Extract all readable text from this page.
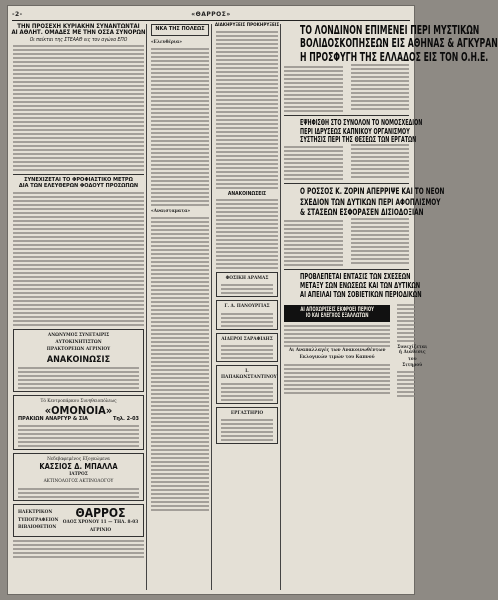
-2-	«ΘΑΡΡΟΣ»
ΤΗΝ ΠΡΟΣΕΧΗ ΚΥΡΙΑΚΗΝ ΣΥΝΑΝΤΩΝΤΑΙ
ΑΙ ΑΘΛΗΤ. ΟΜΑΔΕΣ ΜΕ ΤΗΝ ΟΣΣΑ ΣΥΝΟΡΩΝ
Οι παίκται της ΣΤΕΑΑΘ εις τον αγώνα ΕΠΟ
ΣΥΝΕΧΙΖΕΤΑΙ ΤΟ ΦΡΟΦΙΑΣΤΙΚΟ ΜΕΤΡΩ
ΔΙΑ ΤΩΝ ΕΛΕΥΘΕΡΩΝ ΦΟΔΟΥΤ ΠΡΟΣΩΠΩΝ
ΑΝΩΝΥΜΟΣ ΣΥΝΕΤΑΙΡΙΣ
ΑΥΤΟΚΙΝΗΤΙΣΤΩΝ
ΠΡΑΚΤΟΡΕΙΩΝ ΑΓΡΙΝΙΟΥ
ΑΝΑΚΟΙΝΩΣΙΣ
Τό Κεντροπάρκου Συνηθειοπόλεως
«ΟΜΟΝΟΙΑ»
ΠΡΑΚΙΩΝ ΑΝΑΡΓΥΡ & ΣΙΑ	Τηλ. 2-03
Νεδεβαφεμένος Εξογκώμενα
ΚΑΣΣΙΟΣ Δ. ΜΠΑΛΛΑ
ΙΑΤΡΟΣ
ΑΚΤΙΝΟΛΟΓΟΣ ΑΚΤΙΝΟΛΟΓΟΥ
ΗΛΕΚΤΡΙΚΟΝ
ΤΥΠΟΓΡΑΦΕΙΟΝ
ΒΙΒΛΙΟΘΕΤΙΟΝ
ΘΑΡΡΟΣ
ΟΔΟΣ ΧΡΟΝΟΥ 11 — ΤΗΛ. 8-03
ΑΓΡΙΝΙΟ
ΝΚΑ ΤΗΣ ΠΟΛΕΩΣ
«Ελευθέρια»
«Αναισταματα»
ΔΙΑΚΗΡΥΞΕΙΣ ΠΡΟΚΗΡΥΞΕΙΣ
ΑΝΑΚΟΙΝΩΣΕΙΣ
ΦΟΣΙΚΗ ΔΡΑΜΑΣ
Γ. Δ. ΠΑΝΟΥΡΓΙΑΣ
ΑΙΔΕΡΟΙ ΣΑΡΑΦΙΔΗΣ
Ι. ΠΑΠΑΚΩΝΣΤΑΝΤΙΝΟΥ
ΕΡΓΑΣΤΗΡΙΟ
ΤΟ ΛΟΝΔΙΝΟΝ ΕΠΙΜΕΝΕΙ ΠΕΡΙ ΜΥΣΤΙΚΩΝ
ΒΟΛΙΔΟΣΚΟΠΗΣΕΩΝ ΕΙΣ ΑΘΗΝΑΣ & ΑΓΚΥΡΑΝ
Η ΠΡΟΣΦΥΓΗ ΤΗΣ ΕΛΛΑΔΟΣ ΕΙΣ ΤΟΝ Ο.Η.Ε.
ΕΨΗΦΙΣΘΗ ΣΤΟ ΣΥΝΟΛΟΝ ΤΟ ΝΟΜΟΣΧΕΔΙΟΝ
ΠΕΡΙ ΙΔΡΥΣΕΩΣ ΚΑΠΝΙΚΟΥ ΟΡΓΑΝΙΣΜΟΥ
ΣΥΣΤΗΣΙΣ ΠΕΡΙ ΤΗΣ ΘΕΣΕΩΣ ΤΩΝ ΕΡΓΑΤΩΝ
Ο ΡΟΣΣΟΣ Κ. ΖΟΡΙΝ ΑΠΕΡΡΙΨΕ ΚΑΙ ΤΟ ΝΕΟΝ
ΣΧΕΔΙΟΝ ΤΩΝ ΔΥΤΙΚΩΝ ΠΕΡΙ ΑΦΟΠΛΙΣΜΟΥ
& ΣΤΑΣΕΩΝ ΕΣΦΟΡΑΣΕΝ ΔΙΣΙΟΔΟΞΙΑΝ
ΠΡΟΒΛΕΠΕΤΑΙ ΕΝΤΑΣΙΣ ΤΩΝ ΣΧΕΣΕΩΝ
ΜΕΤΑΞΥ ΣΩΝ ΕΝΩΣΕΩΣ ΚΑΙ ΤΩΝ ΔΥΤΙΚΩΝ
ΑΙ ΑΠΕΙΛΑΙ ΤΩΝ ΣΟΒΙΕΤΙΚΩΝ ΠΕΡΙΟΔΙΚΩΝ
ΑΙ ΑΠΟΧΩΡΙΣΕΙΣ ΕΚΦΡΟΕΙ ΠΕΡΙΟΥ
ΙΟ ΚΑΙ ΕΛΕΓΧΟΣ ΕΞΑΛΛΩΤΩΝ
Αι Αναπαλλαγές των Ανακοινωθέντων
Εκλογικών τιμών του Καπνού
Συνεχίζεται ή Διάθεσις
του Σιτηρού
